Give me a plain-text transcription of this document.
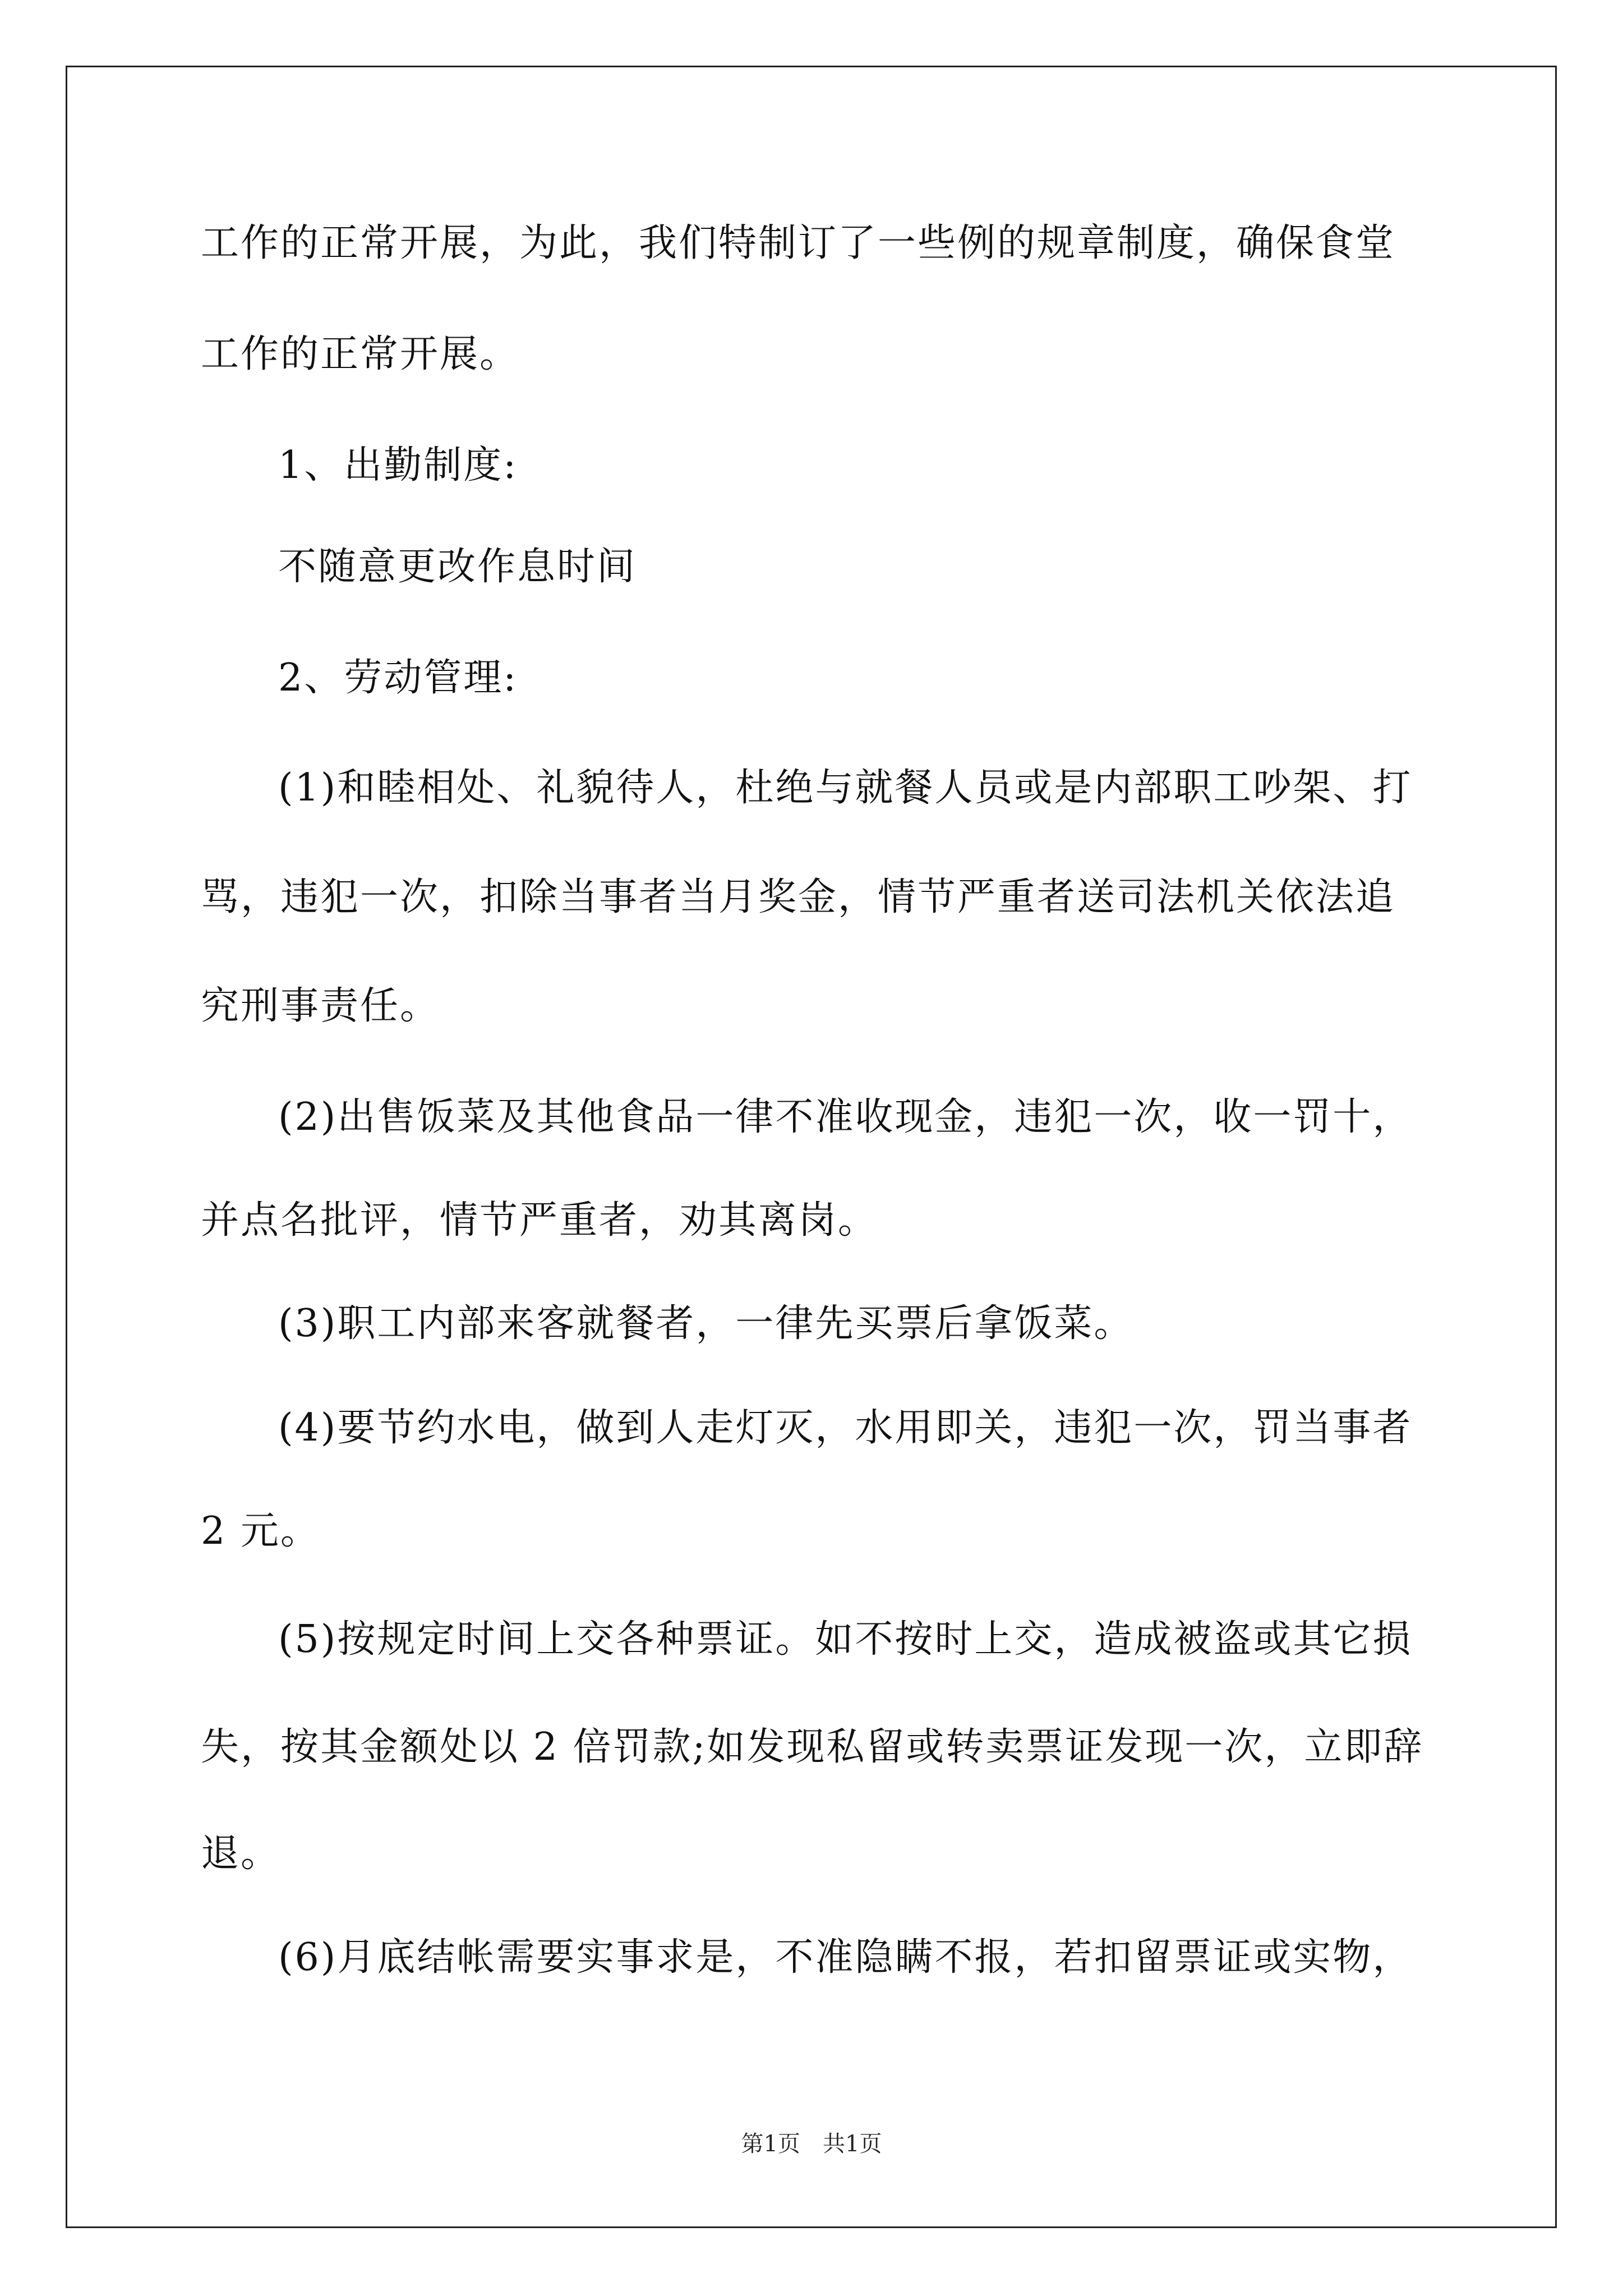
工作的正常开展，为此，我们特制订了一些例的规章制度，确保食堂
工作的正常开展。
1、出勤制度:
不随意更改作息时间
2、劳动管理:
(1)和睦相处、礼貌待人，杜绝与就餐人员或是内部职工吵架、打
骂，违犯一次，扣除当事者当月奖金，情节严重者送司法机关依法追
究刑事责任。
(2)出售饭菜及其他食品一律不准收现金，违犯一次，收一罚十，
并点名批评，情节严重者，劝其离岗。
(3)职工内部来客就餐者，一律先买票后拿饭菜。
(4)要节约水电，做到人走灯灭，水用即关，违犯一次，罚当事者
2 元。
(5)按规定时间上交各种票证。如不按时上交，造成被盗或其它损
失，按其金额处以 2 倍罚款;如发现私留或转卖票证发现一次，立即辞
退。
(6)月底结帐需要实事求是，不准隐瞒不报，若扣留票证或实物，
第1页　共1页
